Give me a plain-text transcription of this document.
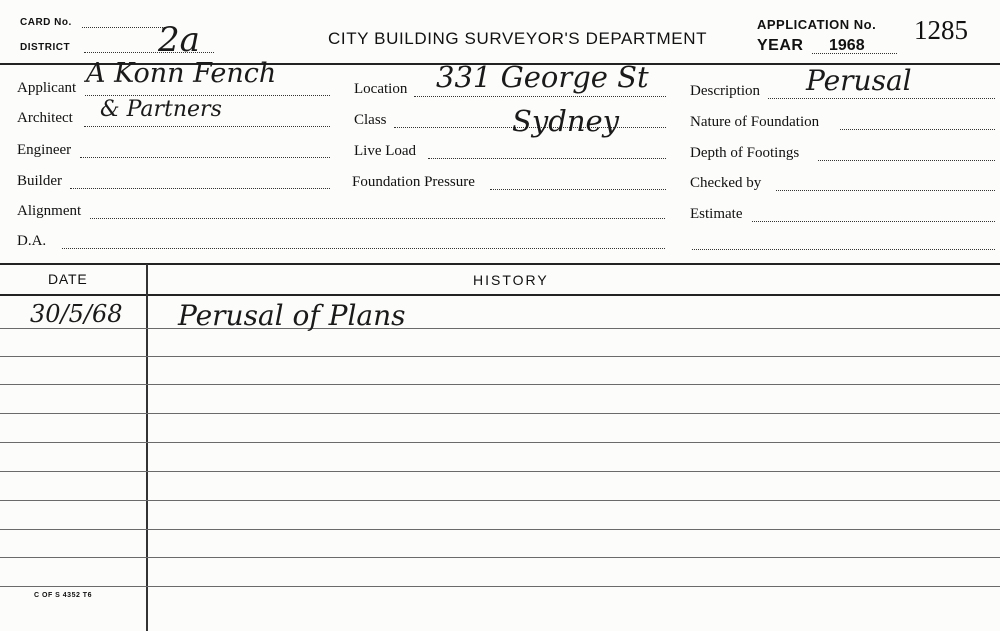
CARD No.
DISTRICT	2a	CITY BUILDING SURVEYOR'S DEPARTMENT
APPLICATION No. 1285
YEAR 1968
Applicant A Konn Fench
Architect & Partners
Engineer
Builder
Alignment
D.A.
Location 331 George St
Class	Sydney
Live Load
Foundation Pressure
Description Perusal
Nature of Foundation
Depth of Footings
Checked by
Estimate
DATE	HISTORY
30/5/68 Perusal of Plans
C OF S 4352 T6
